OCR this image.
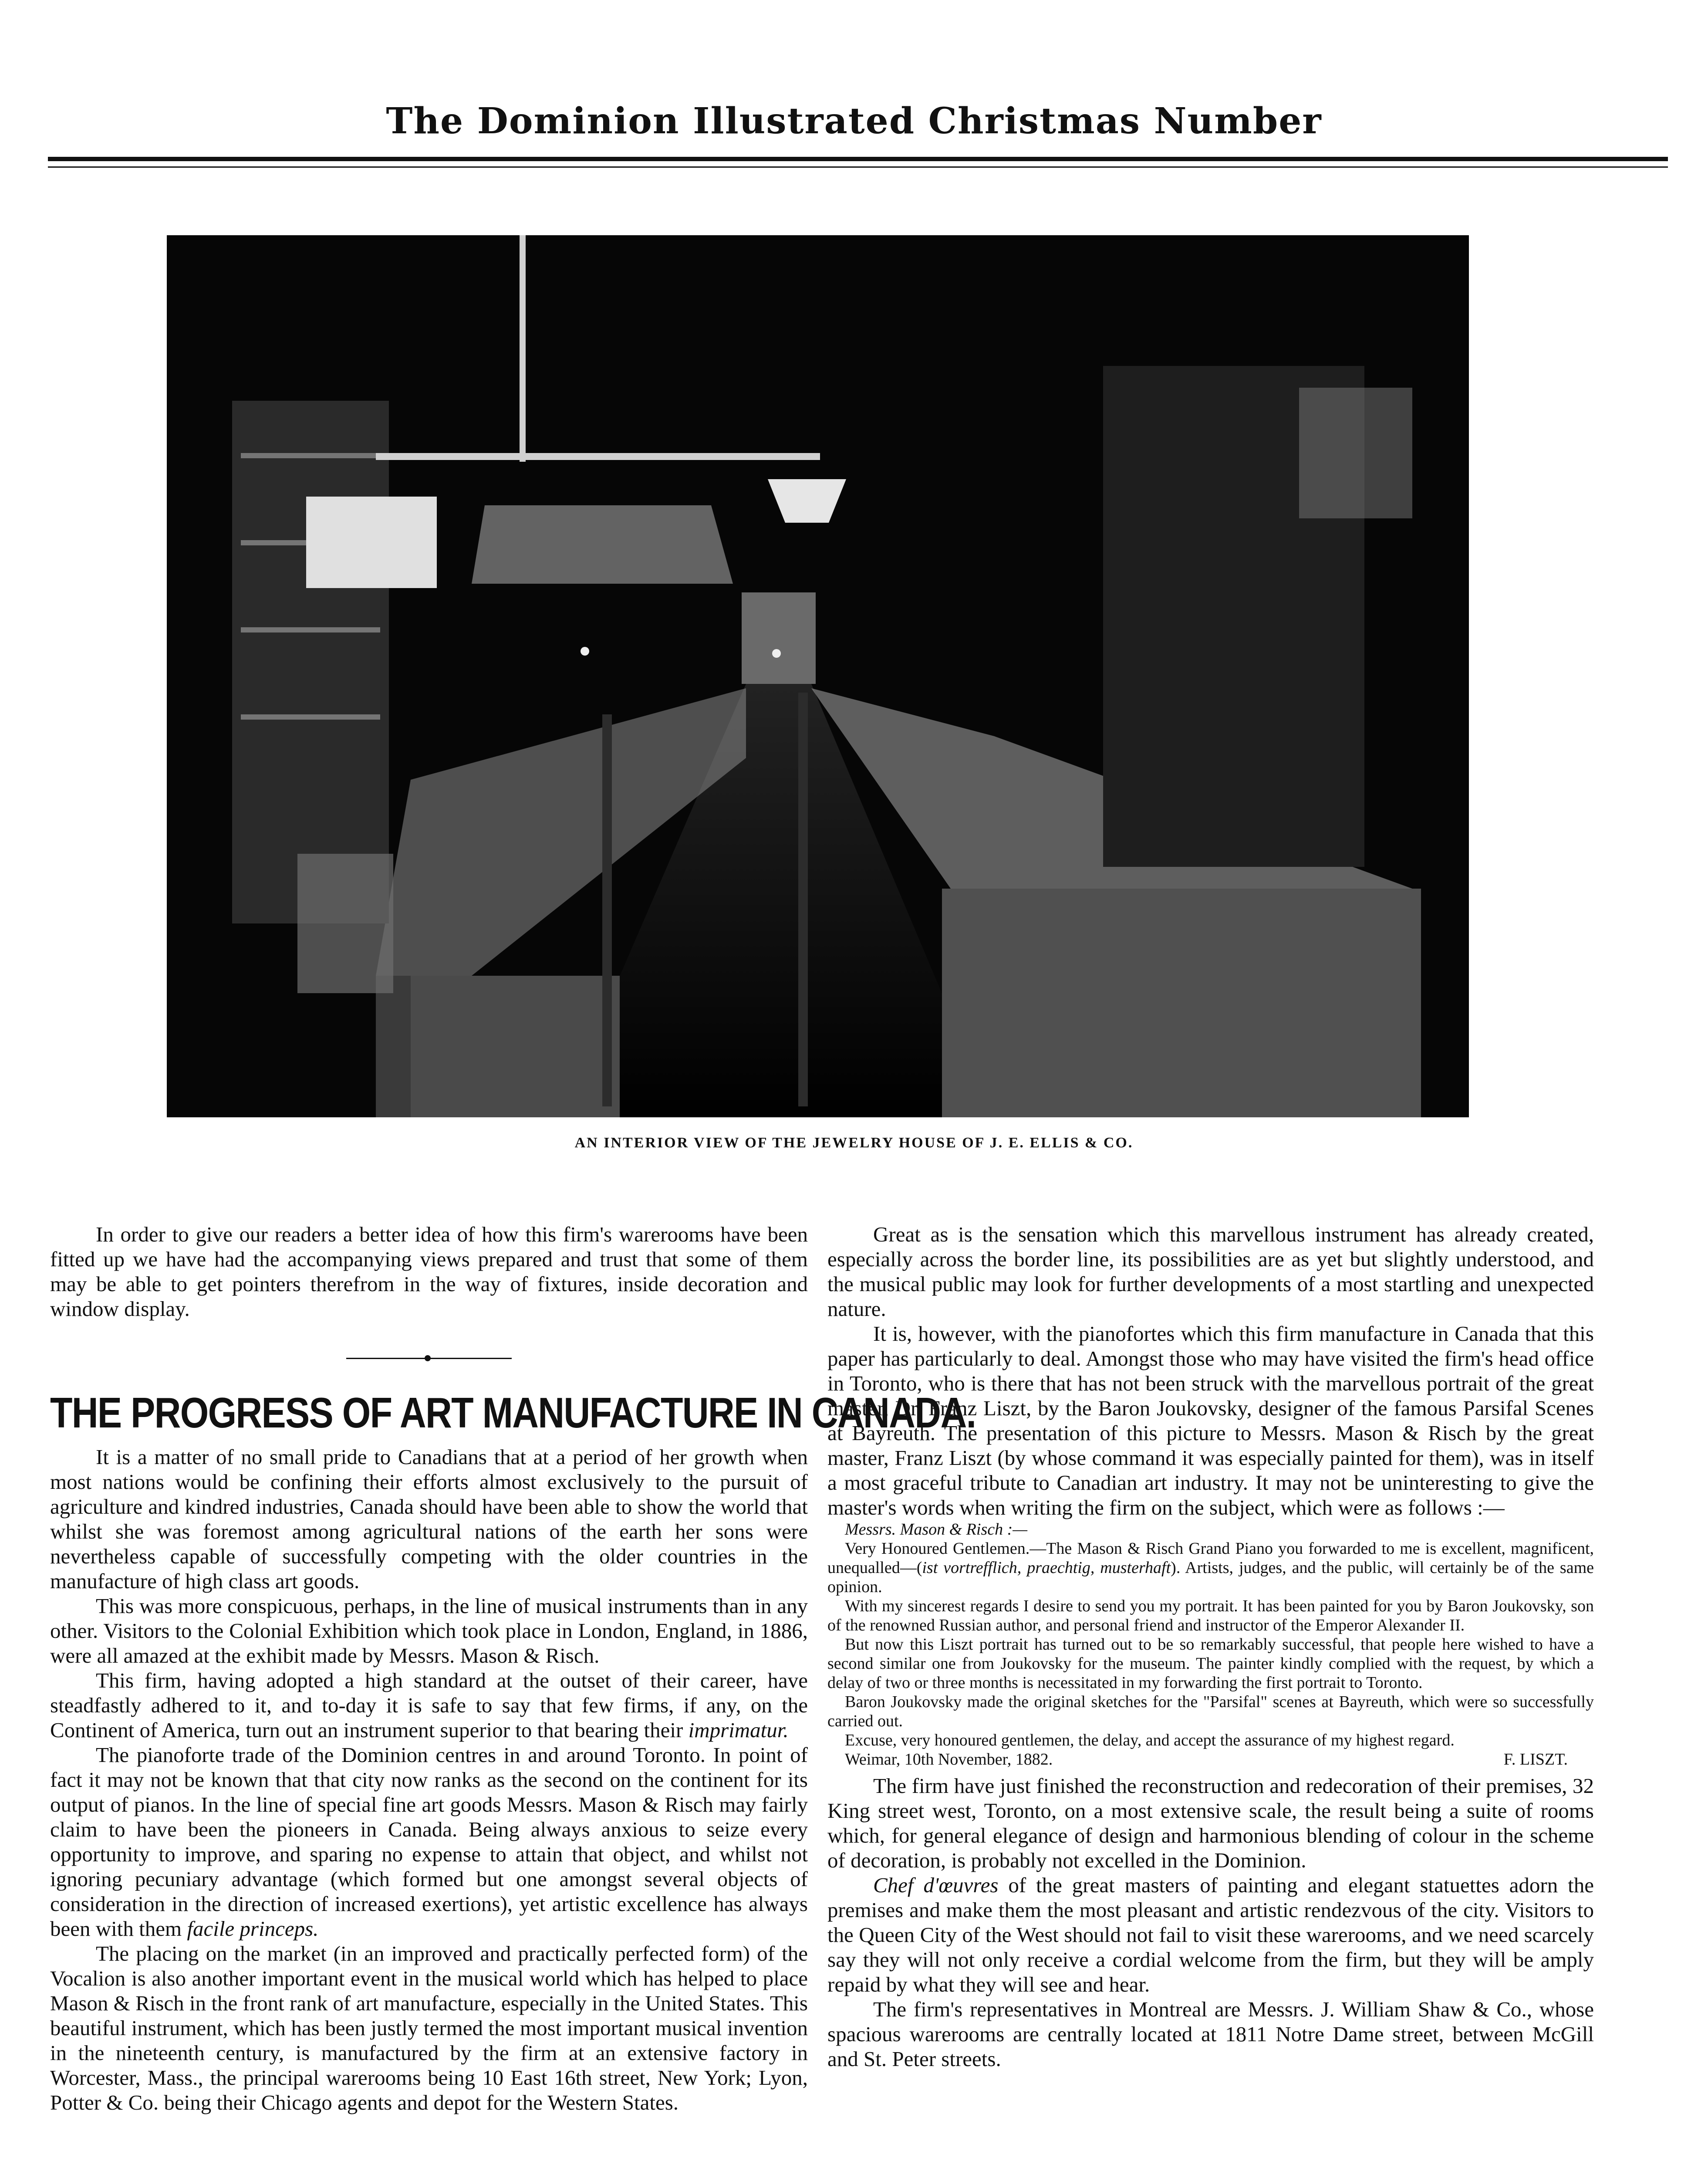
The Dominion Illustrated Christmas Number
AN INTERIOR VIEW OF THE JEWELRY HOUSE OF J. E. ELLIS & CO.

In order to give our readers a better idea of how this firm's warerooms have been fitted up we have had the accompanying views prepared and trust that some of them may be able to get pointers therefrom in the way of fixtures, inside decoration and window display.

THE PROGRESS OF ART MANUFACTURE IN CANADA.

It is a matter of no small pride to Canadians that at a period of her growth when most nations would be confining their efforts almost exclusively to the pursuit of agriculture and kindred industries, Canada should have been able to show the world that whilst she was foremost among agricultural nations of the earth her sons were nevertheless capable of successfully competing with the older countries in the manufacture of high class art goods.

This was more conspicuous, perhaps, in the line of musical instruments than in any other. Visitors to the Colonial Exhibition which took place in London, England, in 1886, were all amazed at the exhibit made by Messrs. Mason & Risch.

This firm, having adopted a high standard at the outset of their career, have steadfastly adhered to it, and to-day it is safe to say that few firms, if any, on the Continent of America, turn out an instrument superior to that bearing their imprimatur.

The pianoforte trade of the Dominion centres in and around Toronto. In point of fact it may not be known that that city now ranks as the second on the continent for its output of pianos. In the line of special fine art goods Messrs. Mason & Risch may fairly claim to have been the pioneers in Canada. Being always anxious to seize every opportunity to improve, and sparing no expense to attain that object, and whilst not ignoring pecuniary advantage (which formed but one amongst several objects of consideration in the direction of increased exertions), yet artistic excellence has always been with them facile princeps.

The placing on the market (in an improved and practically perfected form) of the Vocalion is also another important event in the musical world which has helped to place Mason & Risch in the front rank of art manufacture, especially in the United States. This beautiful instrument, which has been justly termed the most important musical invention in the nineteenth century, is manufactured by the firm at an extensive factory in Worcester, Mass., the principal warerooms being 10 East 16th street, New York; Lyon, Potter & Co. being their Chicago agents and depot for the Western States.

Great as is the sensation which this marvellous instrument has already created, especially across the border line, its possibilities are as yet but slightly understood, and the musical public may look for further developments of a most startling and unexpected nature.

It is, however, with the pianofortes which this firm manufacture in Canada that this paper has particularly to deal. Amongst those who may have visited the firm's head office in Toronto, who is there that has not been struck with the marvellous portrait of the great master, Dr. Franz Liszt, by the Baron Joukovsky, designer of the famous Parsifal Scenes at Bayreuth. The presentation of this picture to Messrs. Mason & Risch by the great master, Franz Liszt (by whose command it was especially painted for them), was in itself a most graceful tribute to Canadian art industry. It may not be uninteresting to give the master's words when writing the firm on the subject, which were as follows :—

Messrs. Mason & Risch :—

Very Honoured Gentlemen.—The Mason & Risch Grand Piano you forwarded to me is excellent, magnificent, unequalled—(ist vortrefflich, praechtig, musterhaft). Artists, judges, and the public, will certainly be of the same opinion.

With my sincerest regards I desire to send you my portrait. It has been painted for you by Baron Joukovsky, son of the renowned Russian author, and personal friend and instructor of the Emperor Alexander II.

But now this Liszt portrait has turned out to be so remarkably successful, that people here wished to have a second similar one from Joukovsky for the museum. The painter kindly complied with the request, by which a delay of two or three months is necessitated in my forwarding the first portrait to Toronto.

Baron Joukovsky made the original sketches for the "Parsifal" scenes at Bayreuth, which were so successfully carried out.

Excuse, very honoured gentlemen, the delay, and accept the assurance of my highest regard.

Weimar, 10th November, 1882.	F. LISZT.

The firm have just finished the reconstruction and redecoration of their premises, 32 King street west, Toronto, on a most extensive scale, the result being a suite of rooms which, for general elegance of design and harmonious blending of colour in the scheme of decoration, is probably not excelled in the Dominion.

Chef d'œuvres of the great masters of painting and elegant statuettes adorn the premises and make them the most pleasant and artistic rendezvous of the city. Visitors to the Queen City of the West should not fail to visit these warerooms, and we need scarcely say they will not only receive a cordial welcome from the firm, but they will be amply repaid by what they will see and hear.

The firm's representatives in Montreal are Messrs. J. William Shaw & Co., whose spacious warerooms are centrally located at 1811 Notre Dame street, between McGill and St. Peter streets.
